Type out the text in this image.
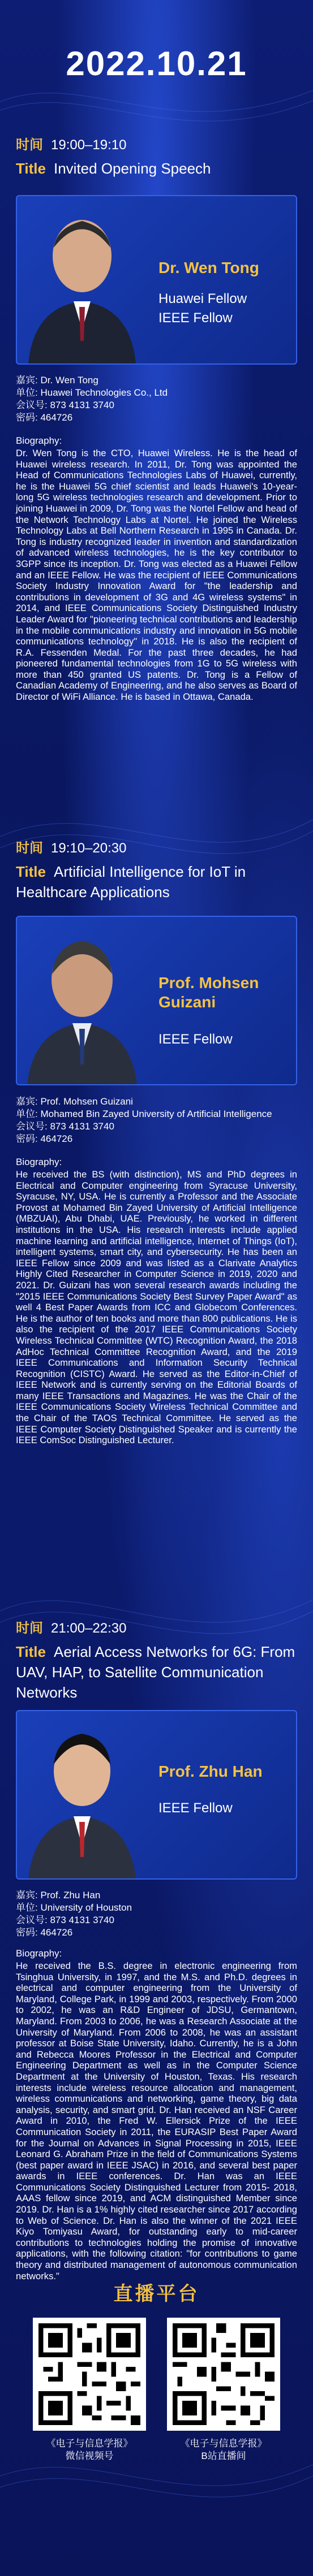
2022.10.21
时间 19:00–19:10
Title Invited Opening Speech
Dr. Wen Tong
Huawei Fellow
IEEE Fellow
嘉宾: Dr. Wen Tong
单位: Huawei Technologies Co., Ltd
会议号: 873 4131 3740
密码: 464726
Biography:
Dr. Wen Tong is the CTO, Huawei Wireless. He is the head of Huawei wireless research. In 2011, Dr. Tong was appointed the Head of Communications Technologies Labs of Huawei, currently, he is the Huawei 5G chief scientist and leads Huawei's 10-year-long 5G wireless technologies research and development. Prior to joining Huawei in 2009, Dr. Tong was the Nortel Fellow and head of the Network Technology Labs at Nortel. He joined the Wireless Technology Labs at Bell Northern Research in 1995 in Canada. Dr. Tong is industry recognized leader in invention and standardization of advanced wireless technologies, he is the key contributor to 3GPP since its inception. Dr. Tong was elected as a Huawei Fellow and an IEEE Fellow. He was the recipient of IEEE Communications Society Industry Innovation Award for "the leadership and contributions in development of 3G and 4G wireless systems" in 2014, and IEEE Communications Society Distinguished Industry Leader Award for "pioneering technical contributions and leadership in the mobile communications industry and innovation in 5G mobile communications technology" in 2018. He is also the recipient of R.A. Fessenden Medal. For the past three decades, he had pioneered fundamental technologies from 1G to 5G wireless with more than 450 granted US patents. Dr. Tong is a Fellow of Canadian Academy of Engineering, and he also serves as Board of Director of WiFi Alliance. He is based in Ottawa, Canada.
时间 19:10–20:30
Title Artificial Intelligence for IoT in Healthcare Applications
Prof. Mohsen Guizani
IEEE Fellow
嘉宾: Prof. Mohsen Guizani
单位: Mohamed Bin Zayed University of Artificial Intelligence
会议号: 873 4131 3740
密码: 464726
Biography:
He received the BS (with distinction), MS and PhD degrees in Electrical and Computer engineering from Syracuse University, Syracuse, NY, USA. He is currently a Professor and the Associate Provost at Mohamed Bin Zayed University of Artificial Intelligence (MBZUAI), Abu Dhabi, UAE. Previously, he worked in different institutions in the USA. His research interests include applied machine learning and artificial intelligence, Internet of Things (IoT), intelligent systems, smart city, and cybersecurity. He has been an IEEE Fellow since 2009 and was listed as a Clarivate Analytics Highly Cited Researcher in Computer Science in 2019, 2020 and 2021. Dr. Guizani has won several research awards including the "2015 IEEE Communications Society Best Survey Paper Award" as well 4 Best Paper Awards from ICC and Globecom Conferences. He is the author of ten books and more than 800 publications. He is also the recipient of the 2017 IEEE Communications Society Wireless Technical Committee (WTC) Recognition Award, the 2018 AdHoc Technical Committee Recognition Award, and the 2019 IEEE Communications and Information Security Technical Recognition (CISTC) Award. He served as the Editor-in-Chief of IEEE Network and is currently serving on the Editorial Boards of many IEEE Transactions and Magazines. He was the Chair of the IEEE Communications Society Wireless Technical Committee and the Chair of the TAOS Technical Committee. He served as the IEEE Computer Society Distinguished Speaker and is currently the IEEE ComSoc Distinguished Lecturer.
时间 21:00–22:30
Title Aerial Access Networks for 6G: From UAV, HAP, to Satellite Communication Networks
Prof. Zhu Han
IEEE Fellow
嘉宾: Prof. Zhu Han
单位: University of Houston
会议号: 873 4131 3740
密码: 464726
Biography:
He received the B.S. degree in electronic engineering from Tsinghua University, in 1997, and the M.S. and Ph.D. degrees in electrical and computer engineering from the University of Maryland, College Park, in 1999 and 2003, respectively. From 2000 to 2002, he was an R&D Engineer of JDSU, Germantown, Maryland. From 2003 to 2006, he was a Research Associate at the University of Maryland. From 2006 to 2008, he was an assistant professor at Boise State University, Idaho. Currently, he is a John and Rebecca Moores Professor in the Electrical and Computer Engineering Department as well as in the Computer Science Department at the University of Houston, Texas. His research interests include wireless resource allocation and management, wireless communications and networking, game theory, big data analysis, security, and smart grid. Dr. Han received an NSF Career Award in 2010, the Fred W. Ellersick Prize of the IEEE Communication Society in 2011, the EURASIP Best Paper Award for the Journal on Advances in Signal Processing in 2015, IEEE Leonard G. Abraham Prize in the field of Communications Systems (best paper award in IEEE JSAC) in 2016, and several best paper awards in IEEE conferences. Dr. Han was an IEEE Communications Society Distinguished Lecturer from 2015- 2018, AAAS fellow since 2019, and ACM distinguished Member since 2019. Dr. Han is a 1% highly cited researcher since 2017 according to Web of Science. Dr. Han is also the winner of the 2021 IEEE Kiyo Tomiyasu Award, for outstanding early to mid-career contributions to technologies holding the promise of innovative applications, with the following citation: "for contributions to game theory and distributed management of autonomous communication networks."
直播平台
《电子与信息学报》
微信视频号
《电子与信息学报》
B站直播间
